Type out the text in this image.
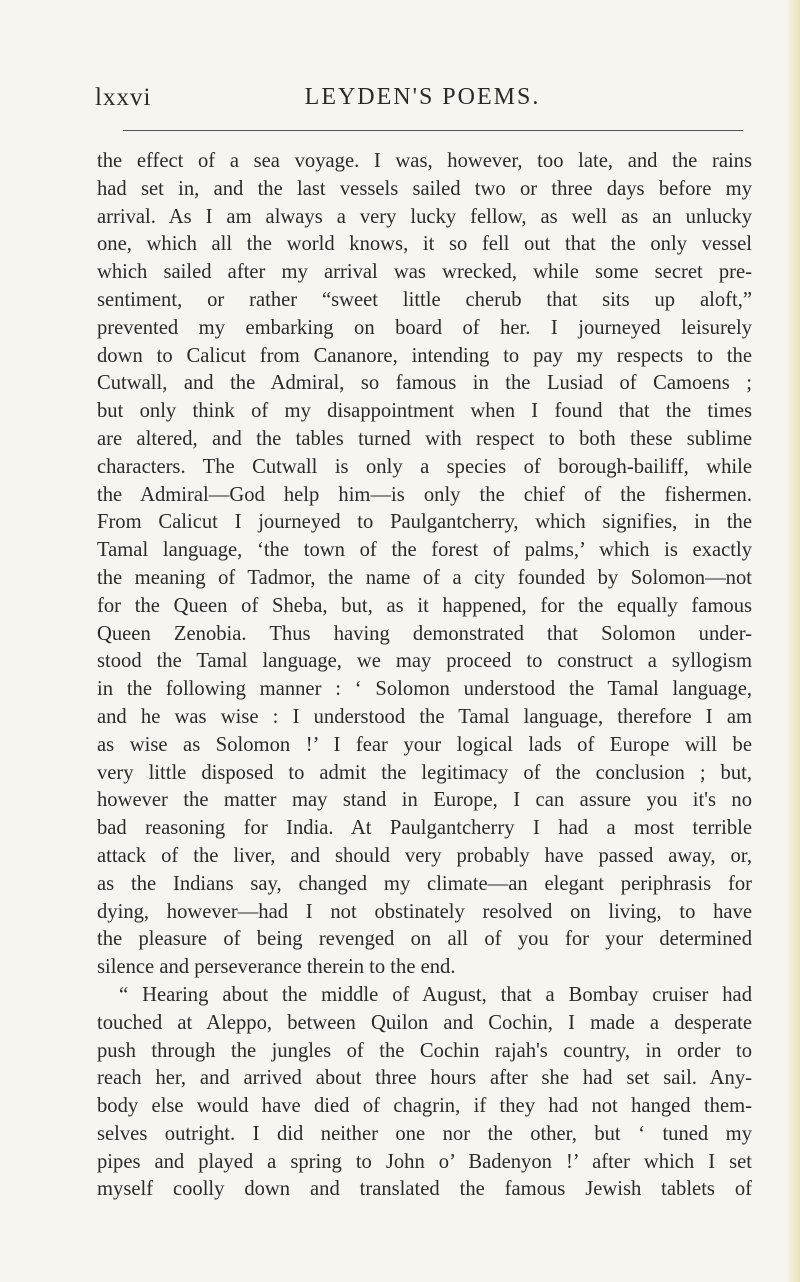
lxxvi	LEYDEN'S POEMS.
the effect of a sea voyage. I was, however, too late, and the rains
had set in, and the last vessels sailed two or three days before my
arrival. As I am always a very lucky fellow, as well as an unlucky
one, which all the world knows, it so fell out that the only vessel
which sailed after my arrival was wrecked, while some secret pre-
sentiment, or rather “sweet little cherub that sits up aloft,”
prevented my embarking on board of her. I journeyed leisurely
down to Calicut from Cananore, intending to pay my respects to the
Cutwall, and the Admiral, so famous in the Lusiad of Camoens ;
but only think of my disappointment when I found that the times
are altered, and the tables turned with respect to both these sublime
characters. The Cutwall is only a species of borough-bailiff, while
the Admiral—God help him—is only the chief of the fishermen.
From Calicut I journeyed to Paulgantcherry, which signifies, in the
Tamal language, ‘the town of the forest of palms,’ which is exactly
the meaning of Tadmor, the name of a city founded by Solomon—not
for the Queen of Sheba, but, as it happened, for the equally famous
Queen Zenobia. Thus having demonstrated that Solomon under-
stood the Tamal language, we may proceed to construct a syllogism
in the following manner : ‘ Solomon understood the Tamal language,
and he was wise : I understood the Tamal language, therefore I am
as wise as Solomon !’ I fear your logical lads of Europe will be
very little disposed to admit the legitimacy of the conclusion ; but,
however the matter may stand in Europe, I can assure you it's no
bad reasoning for India. At Paulgantcherry I had a most terrible
attack of the liver, and should very probably have passed away, or,
as the Indians say, changed my climate—an elegant periphrasis for
dying, however—had I not obstinately resolved on living, to have
the pleasure of being revenged on all of you for your determined
silence and perseverance therein to the end.
“ Hearing about the middle of August, that a Bombay cruiser had
touched at Aleppo, between Quilon and Cochin, I made a desperate
push through the jungles of the Cochin rajah's country, in order to
reach her, and arrived about three hours after she had set sail. Any-
body else would have died of chagrin, if they had not hanged them-
selves outright. I did neither one nor the other, but ‘ tuned my
pipes and played a spring to John o’ Badenyon !’ after which I set
myself coolly down and translated the famous Jewish tablets of
